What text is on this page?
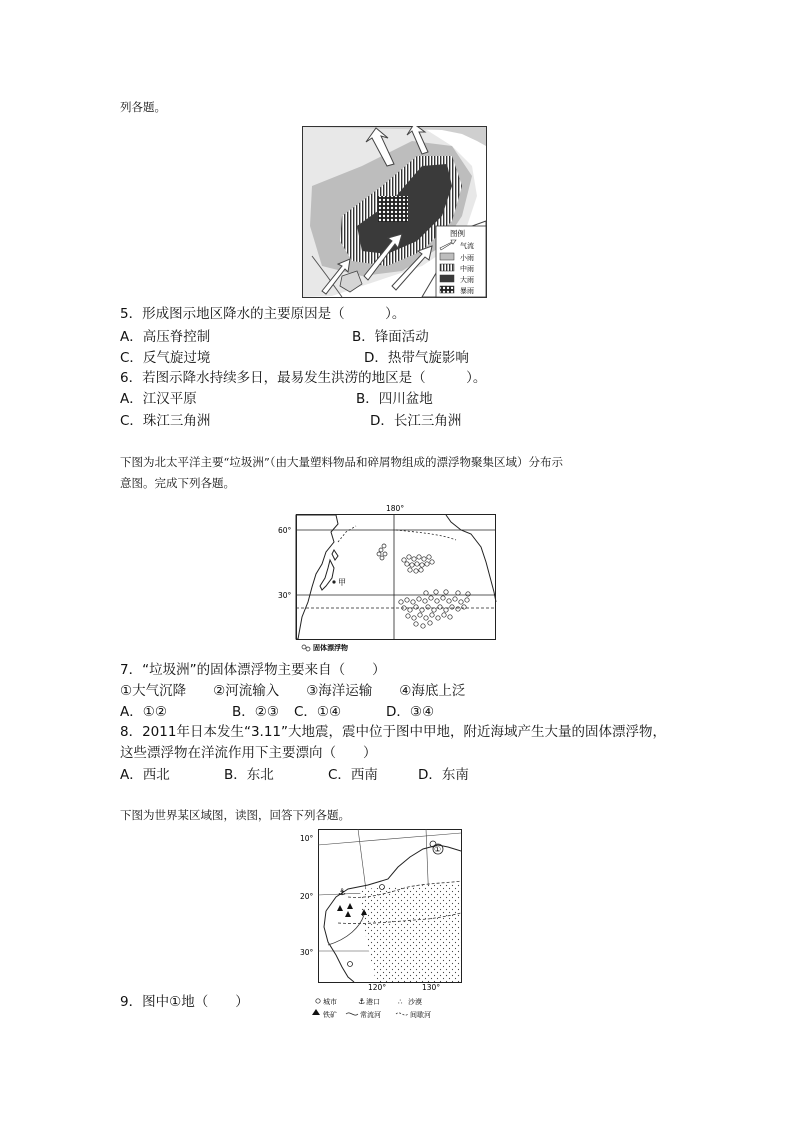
列各题。
图例
气流
小雨
中雨
大雨
暴雨
5．形成图示地区降水的主要原因是（　　　）。
A．高压脊控制	B．锋面活动
C．反气旋过境	D．热带气旋影响
6．若图示降水持续多日，最易发生洪涝的地区是（　　　）。
A．江汉平原	B．四川盆地
C．珠江三角洲	D．长江三角洲
下图为北太平洋主要“垃圾洲”（由大量塑料物品和碎屑物组成的漂浮物聚集区域）分布示
意图。完成下列各题。
180°
60°
30°
甲
固体漂浮物
7．“垃圾洲”的固体漂浮物主要来自（　　）
①大气沉降　　②河流输入　　③海洋运输　　④海底上泛
A．①②	B．②③ C．①④	D．③④
8．2011年日本发生“3.11”大地震，震中位于图中甲地，附近海域产生大量的固体漂浮物，
这些漂浮物在洋流作用下主要漂向（　　）
A．西北	B．东北	C．西南	D．东南
下图为世界某区域图，读图，回答下列各题。
10°
20°
30°
120°	130°
①
⚓
城市	⚓ 港口	∴ 沙漠
铁矿	常流河	间歇河
9．图中①地（　　）
